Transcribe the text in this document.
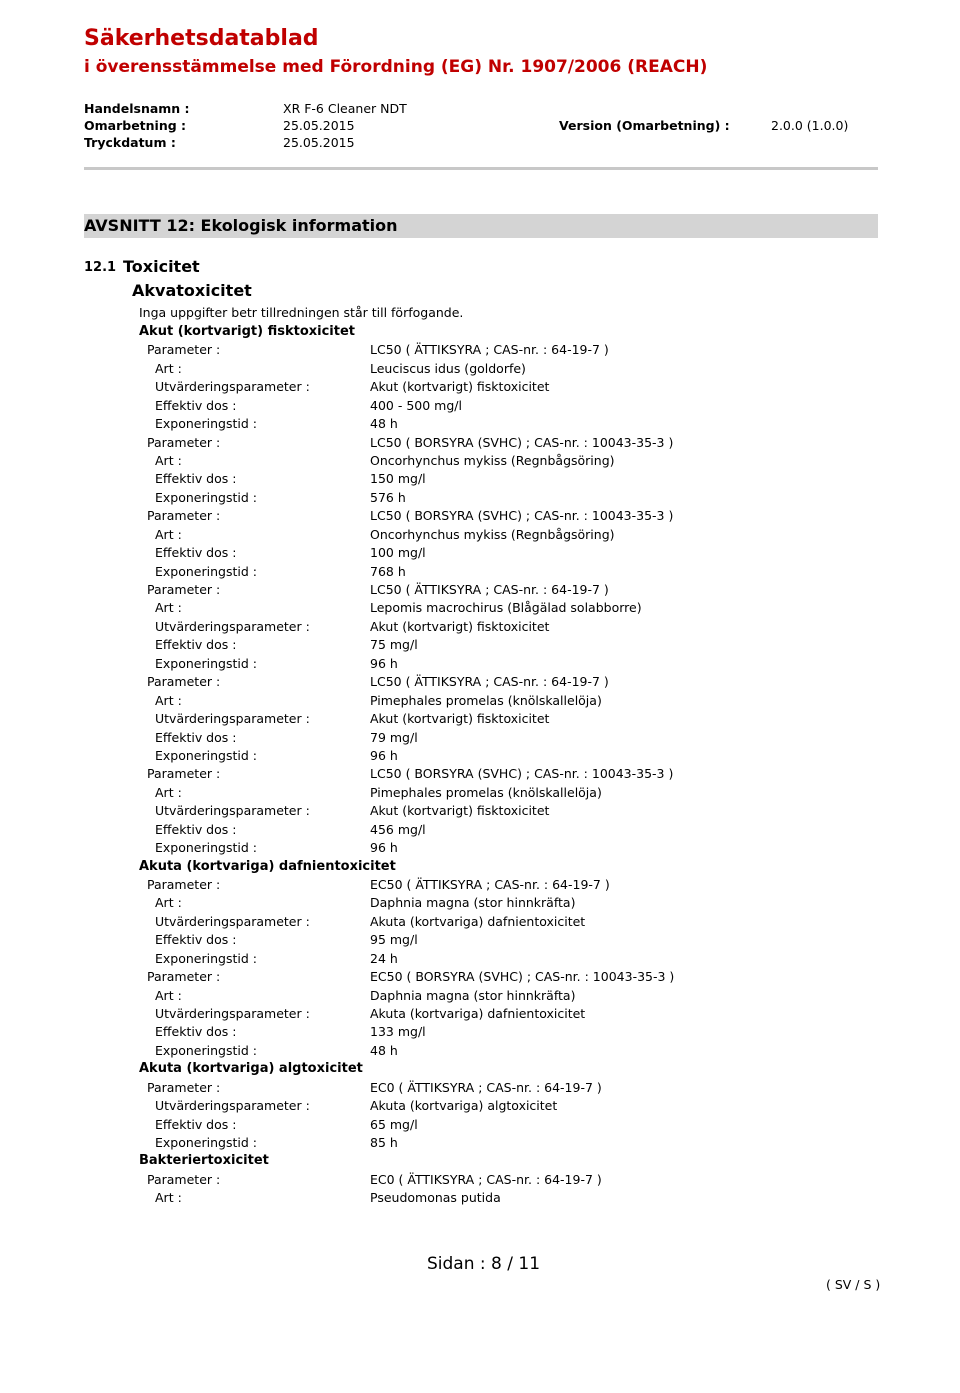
Säkerhetsdatablad
i överensstämmelse med Förordning (EG) Nr. 1907/2006 (REACH)
Handelsnamn :	XR F-6 Cleaner NDT
Omarbetning :	25.05.2015	Version (Omarbetning) :	2.0.0 (1.0.0)
Tryckdatum :	25.05.2015
AVSNITT 12: Ekologisk information
12.1 Toxicitet
Akvatoxicitet
Inga uppgifter betr tillredningen står till förfogande.
Akut (kortvarigt) fisktoxicitet
Parameter :	LC50 ( ÄTTIKSYRA ; CAS-nr. : 64-19-7 )
Art :	Leuciscus idus (goldorfe)
Utvärderingsparameter :	Akut (kortvarigt) fisktoxicitet
Effektiv dos :	400 - 500 mg/l
Exponeringstid :	48 h
Parameter :	LC50 ( BORSYRA (SVHC) ; CAS-nr. : 10043-35-3 )
Art :	Oncorhynchus mykiss (Regnbågsöring)
Effektiv dos :	150 mg/l
Exponeringstid :	576 h
Parameter :	LC50 ( BORSYRA (SVHC) ; CAS-nr. : 10043-35-3 )
Art :	Oncorhynchus mykiss (Regnbågsöring)
Effektiv dos :	100 mg/l
Exponeringstid :	768 h
Parameter :	LC50 ( ÄTTIKSYRA ; CAS-nr. : 64-19-7 )
Art :	Lepomis macrochirus (Blågälad solabborre)
Utvärderingsparameter :	Akut (kortvarigt) fisktoxicitet
Effektiv dos :	75 mg/l
Exponeringstid :	96 h
Parameter :	LC50 ( ÄTTIKSYRA ; CAS-nr. : 64-19-7 )
Art :	Pimephales promelas (knölskallelöja)
Utvärderingsparameter :	Akut (kortvarigt) fisktoxicitet
Effektiv dos :	79 mg/l
Exponeringstid :	96 h
Parameter :	LC50 ( BORSYRA (SVHC) ; CAS-nr. : 10043-35-3 )
Art :	Pimephales promelas (knölskallelöja)
Utvärderingsparameter :	Akut (kortvarigt) fisktoxicitet
Effektiv dos :	456 mg/l
Exponeringstid :	96 h
Akuta (kortvariga) dafnientoxicitet
Parameter :	EC50 ( ÄTTIKSYRA ; CAS-nr. : 64-19-7 )
Art :	Daphnia magna (stor hinnkräfta)
Utvärderingsparameter :	Akuta (kortvariga) dafnientoxicitet
Effektiv dos :	95 mg/l
Exponeringstid :	24 h
Parameter :	EC50 ( BORSYRA (SVHC) ; CAS-nr. : 10043-35-3 )
Art :	Daphnia magna (stor hinnkräfta)
Utvärderingsparameter :	Akuta (kortvariga) dafnientoxicitet
Effektiv dos :	133 mg/l
Exponeringstid :	48 h
Akuta (kortvariga) algtoxicitet
Parameter :	EC0 ( ÄTTIKSYRA ; CAS-nr. : 64-19-7 )
Utvärderingsparameter :	Akuta (kortvariga) algtoxicitet
Effektiv dos :	65 mg/l
Exponeringstid :	85 h
Bakteriertoxicitet
Parameter :	EC0 ( ÄTTIKSYRA ; CAS-nr. : 64-19-7 )
Art :	Pseudomonas putida
Sidan : 8 / 11
( SV / S )
